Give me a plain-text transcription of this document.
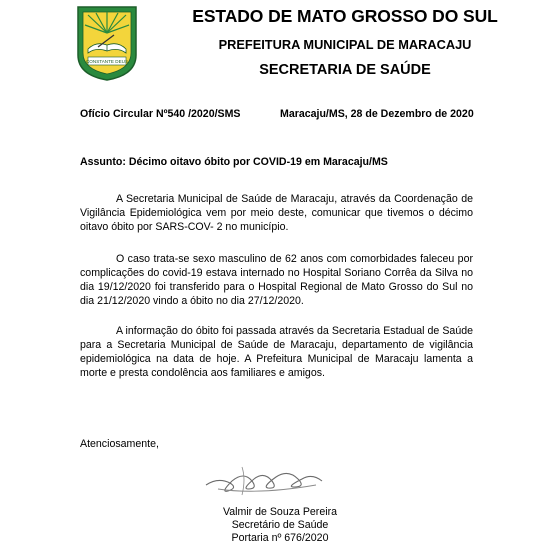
CONSTANTE DEUS
ESTADO DE MATO GROSSO DO SUL
PREFEITURA MUNICIPAL DE MARACAJU
SECRETARIA DE SAÚDE
Ofício Circular Nº540 /2020/SMS	Maracaju/MS, 28 de Dezembro de 2020
Assunto: Décimo oitavo óbito por COVID-19 em Maracaju/MS

A Secretaria Municipal de Saúde de Maracaju, através da Coordenação de Vigilância Epidemiológica vem por meio deste, comunicar que tivemos o décimo oitavo óbito por SARS-COV- 2 no município.

O caso trata-se sexo masculino de 62 anos com comorbidades faleceu por complicações do covid-19 estava internado no Hospital Soriano Corrêa da Silva no dia 19/12/2020 foi transferido para o Hospital Regional de Mato Grosso do Sul no dia 21/12/2020 vindo a óbito no dia 27/12/2020.

A informação do óbito foi passada através da Secretaria Estadual de Saúde para a Secretaria Municipal de Saúde de Maracaju, departamento de vigilância epidemiológica na data de hoje. A Prefeitura Municipal de Maracaju lamenta a morte e presta condolência aos familiares e amigos.

Atenciosamente,
Valmir de Souza Pereira
Secretário de Saúde
Portaria nº 676/2020
